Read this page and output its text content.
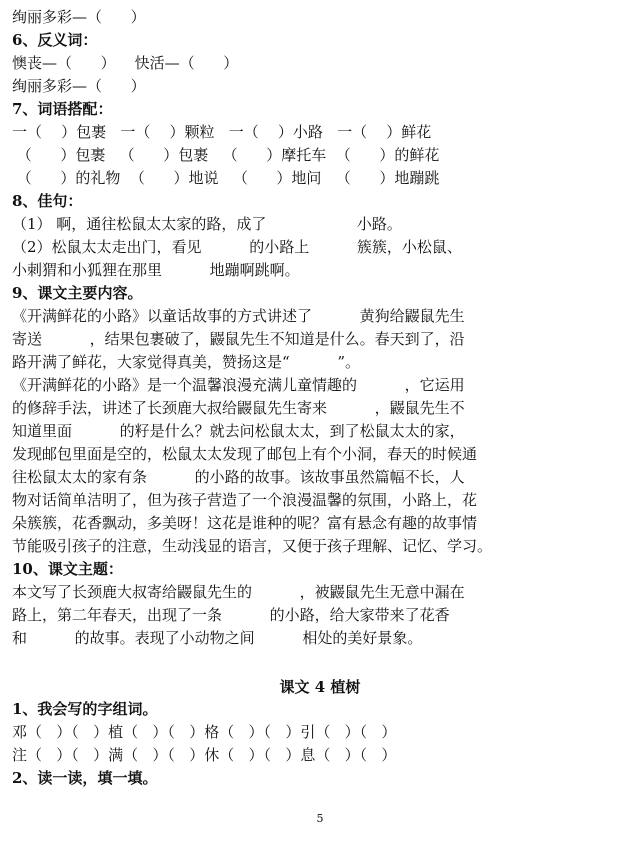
绚丽多彩—（      ）
6、反义词：
懊丧—（      ）    快活—（      ）
绚丽多彩—（      ）
7、词语搭配：
一（    ）包裹   一（    ）颗粒   一（    ）小路   一（    ）鲜花
（      ）包裹   （      ）包裹   （      ）摩托车  （      ）的鲜花
（      ）的礼物  （      ）地说   （      ）地问   （      ）地蹦跳
8、佳句：
（1） 啊，通往松鼠太太家的路，成了                   小路。
（2）松鼠太太走出门，看见          的小路上          簇簇，小松鼠、
小刺猬和小狐狸在那里          地蹦啊跳啊。
9、课文主要内容。
《开满鲜花的小路》以童话故事的方式讲述了          黄狗给鼹鼠先生
寄送          ，结果包裹破了，鼹鼠先生不知道是什么。春天到了，沿
路开满了鲜花，大家觉得真美，赞扬这是“          ”。
《开满鲜花的小路》是一个温馨浪漫充满儿童情趣的          ，它运用
的修辞手法，讲述了长颈鹿大叔给鼹鼠先生寄来          ，鼹鼠先生不
知道里面          的籽是什么？就去问松鼠太太，到了松鼠太太的家，
发现邮包里面是空的，松鼠太太发现了邮包上有个小洞，春天的时候通
往松鼠太太的家有条          的小路的故事。该故事虽然篇幅不长，人
物对话简单洁明了，但为孩子营造了一个浪漫温馨的氛围，小路上，花
朵簇簇，花香飘动，多美呀！这花是谁种的呢？富有悬念有趣的故事情
节能吸引孩子的注意，生动浅显的语言，又便于孩子理解、记忆、学习。
10、课文主题：
本文写了长颈鹿大叔寄给鼹鼠先生的          ，被鼹鼠先生无意中漏在
路上，第二年春天，出现了一条          的小路，给大家带来了花香
和          的故事。表现了小动物之间          相处的美好景象。
课文 4 植树
1、我会写的字组词。
邓（   ）（   ）植（   ）（   ）格（   ）（   ）引（   ）（   ）
注（   ）（   ）满（   ）（   ）休（   ）（   ）息（   ）（   ）
2、读一读，填一填。
5
